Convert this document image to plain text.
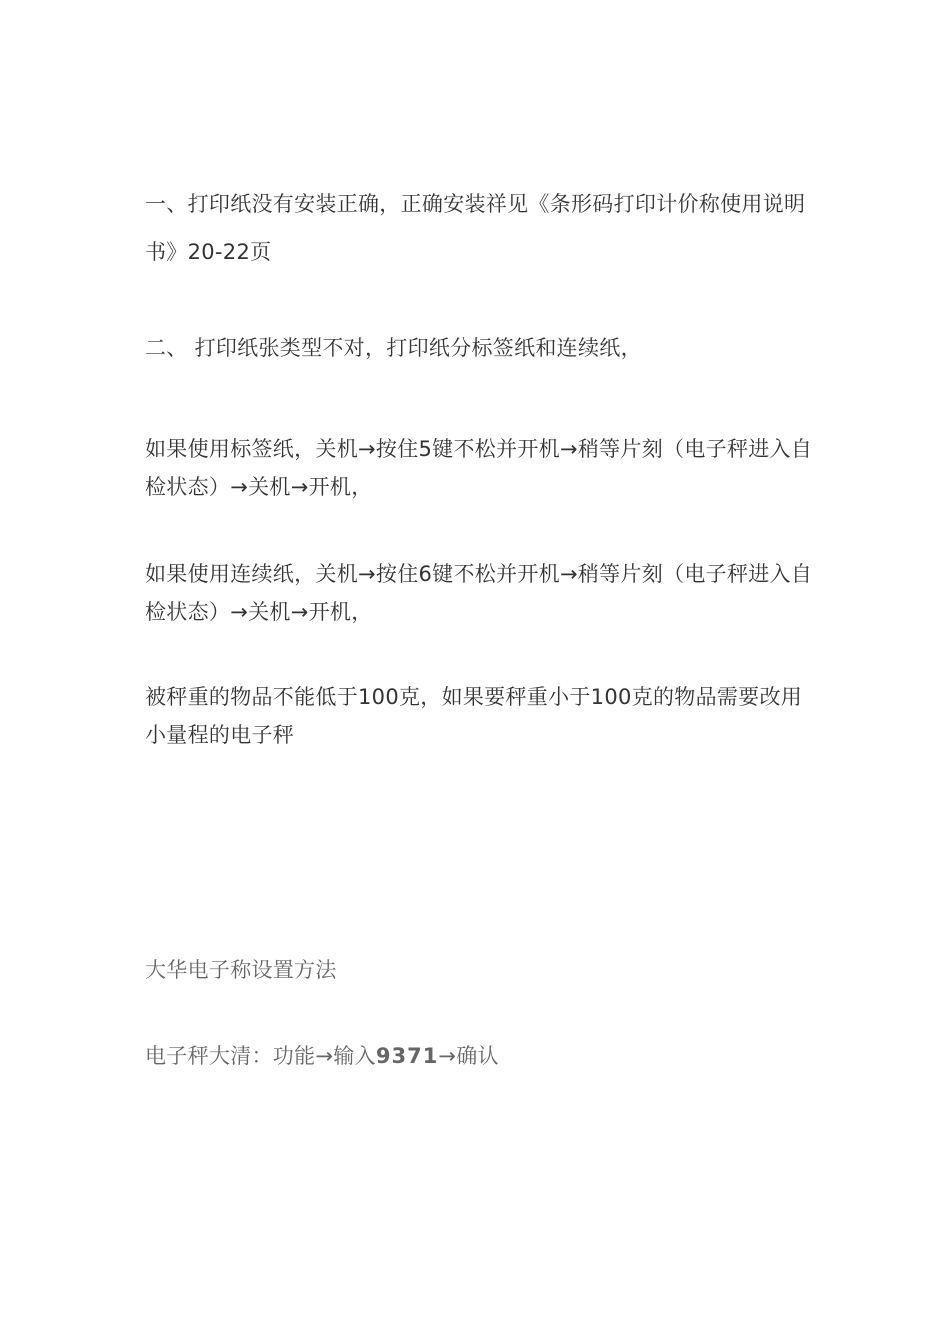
一、打印纸没有安装正确，正确安装祥见《条形码打印计价称使用说明书》20-22页

二、 打印纸张类型不对，打印纸分标签纸和连续纸，

如果使用标签纸，关机→按住5键不松并开机→稍等片刻（电子秤进入自检状态）→关机→开机，

如果使用连续纸，关机→按住6键不松并开机→稍等片刻（电子秤进入自检状态）→关机→开机，

被秤重的物品不能低于100克，如果要秤重小于100克的物品需要改用小量程的电子秤

大华电子称设置方法

电子秤大清：功能→输入9371→确认
